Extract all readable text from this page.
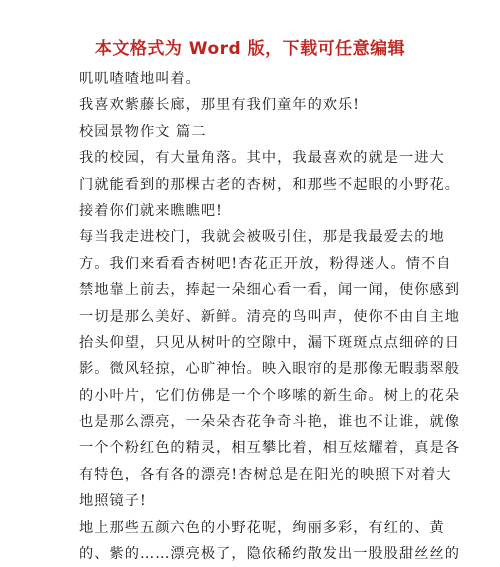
本文格式为 Word 版，下载可任意编辑
叽叽喳喳地叫着。
我喜欢紫藤长廊，那里有我们童年的欢乐!
校园景物作文 篇二
我的校园，有大量角落。其中，我最喜欢的就是一进大
门就能看到的那棵古老的杏树，和那些不起眼的小野花。
接着你们就来瞧瞧吧!
每当我走进校门，我就会被吸引住，那是我最爱去的地
方。我们来看看杏树吧!杏花正开放，粉得迷人。情不自
禁地靠上前去，捧起一朵细心看一看，闻一闻，使你感到
一切是那么美好、新鲜。清亮的鸟叫声，使你不由自主地
抬头仰望，只见从树叶的空隙中，漏下斑斑点点细碎的日
影。微风轻掠，心旷神怡。映入眼帘的是那像无暇翡翠般
的小叶片，它们仿佛是一个个哆嗦的新生命。树上的花朵
也是那么漂亮，一朵朵杏花争奇斗艳，谁也不让谁，就像
一个个粉红色的精灵，相互攀比着，相互炫耀着，真是各
有特色，各有各的漂亮!杏树总是在阳光的映照下对着大
地照镜子!
地上那些五颜六色的小野花呢，绚丽多彩，有红的、黄
的、紫的……漂亮极了，隐依稀约散发出一股股甜丝丝的
